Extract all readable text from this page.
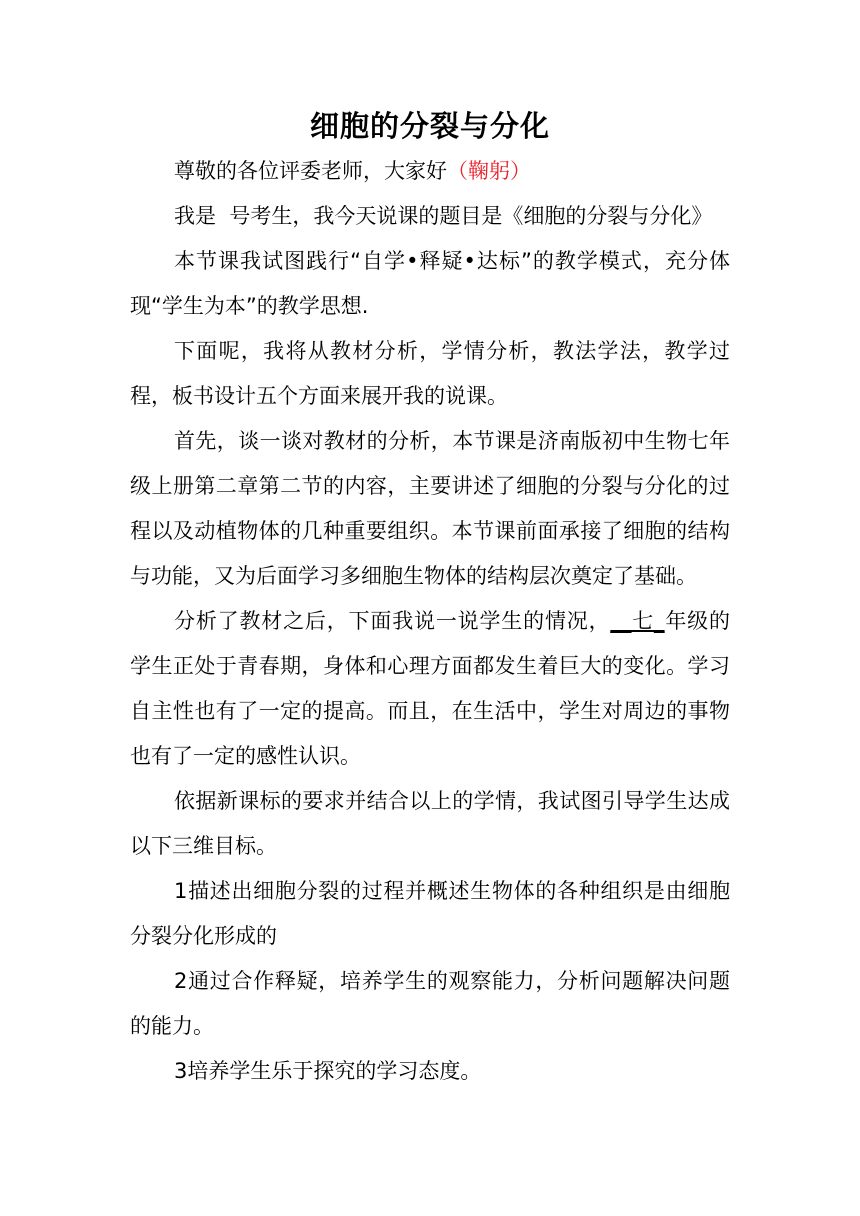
细胞的分裂与分化

尊敬的各位评委老师，大家好（鞠躬）

我是 号考生，我今天说课的题目是《细胞的分裂与分化》

本节课我试图践行“自学•释疑•达标”的教学模式，充分体现“学生为本”的教学思想.

下面呢，我将从教材分析，学情分析，教法学法，教学过程，板书设计五个方面来展开我的说课。

首先，谈一谈对教材的分析，本节课是济南版初中生物七年级上册第二章第二节的内容，主要讲述了细胞的分裂与分化的过程以及动植物体的几种重要组织。本节课前面承接了细胞的结构与功能，又为后面学习多细胞生物体的结构层次奠定了基础。

分析了教材之后，下面我说一说学生的情况，__七_年级的学生正处于青春期，身体和心理方面都发生着巨大的变化。学习自主性也有了一定的提高。而且，在生活中，学生对周边的事物也有了一定的感性认识。

依据新课标的要求并结合以上的学情，我试图引导学生达成以下三维目标。

1描述出细胞分裂的过程并概述生物体的各种组织是由细胞分裂分化形成的

2通过合作释疑，培养学生的观察能力，分析问题解决问题的能力。

3培养学生乐于探究的学习态度。
